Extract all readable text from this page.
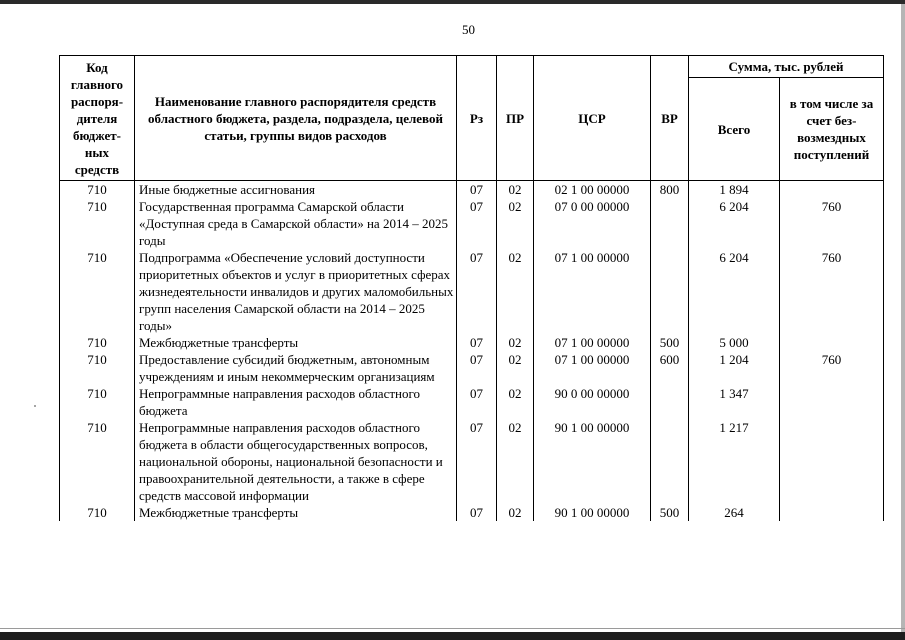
50
Код главного распоря-дителя бюджет-ных средств	Наименование главного распорядителя средств областного бюджета, раздела, подраздела, целевой статьи, группы видов расходов	Рз	ПР	ЦСР	ВР	Сумма, тыс. рублей	
						Всего	в том числе за счет без-возмездных поступлений
710	Иные бюджетные ассигнования	07	02	02 1 00 00000	800	1 894	
710	Государственная программа Самарской области «Доступная среда в Самарской области» на 2014 – 2025 годы	07	02	07 0 00 00000		6 204	760
710	Подпрограмма «Обеспечение условий доступности приоритетных объектов и услуг в приоритетных сферах жизнедеятельности инвалидов и других маломобильных групп населения Самарской области на 2014 – 2025 годы»	07	02	07 1 00 00000		6 204	760
710	Межбюджетные трансферты	07	02	07 1 00 00000	500	5 000	
710	Предоставление субсидий бюджетным, автономным учреждениям и иным некоммерческим организациям	07	02	07 1 00 00000	600	1 204	760
710	Непрограммные направления расходов областного бюджета	07	02	90 0 00 00000		1 347	
710	Непрограммные направления расходов областного бюджета в области общегосударственных вопросов, национальной обороны, национальной безопасности и правоохранительной деятельности, а также в сфере средств массовой информации	07	02	90 1 00 00000		1 217	
710	Межбюджетные трансферты	07	02	90 1 00 00000	500	264	
